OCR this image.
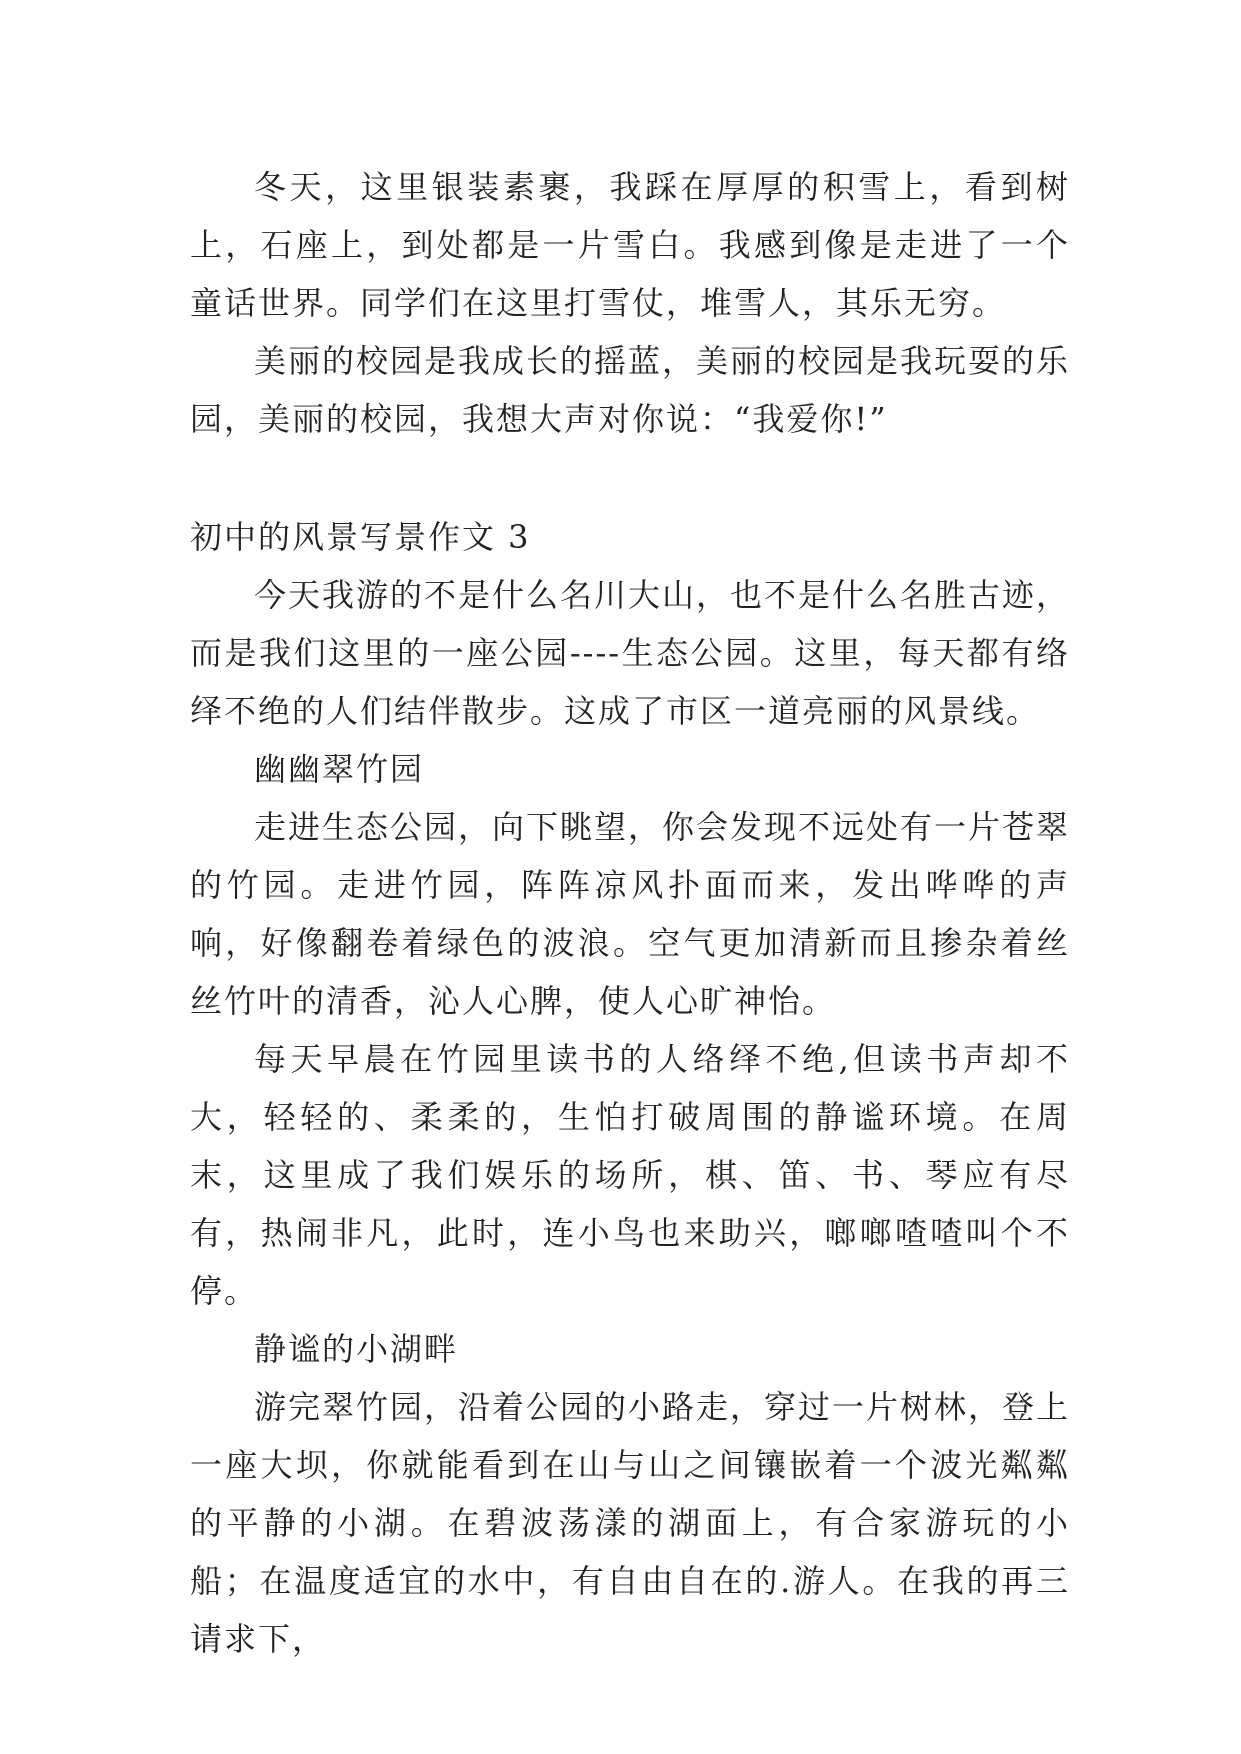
冬天，这里银装素裹，我踩在厚厚的积雪上，看到树上，石座上，到处都是一片雪白。我感到像是走进了一个童话世界。同学们在这里打雪仗，堆雪人，其乐无穷。

美丽的校园是我成长的摇蓝，美丽的校园是我玩耍的乐园，美丽的校园，我想大声对你说：“我爱你!”

初中的风景写景作文 3

今天我游的不是什么名川大山，也不是什么名胜古迹，而是我们这里的一座公园----生态公园。这里，每天都有络绎不绝的人们结伴散步。这成了市区一道亮丽的风景线。

幽幽翠竹园

走进生态公园，向下眺望，你会发现不远处有一片苍翠的竹园。走进竹园，阵阵凉风扑面而来，发出哗哗的声响，好像翻卷着绿色的波浪。空气更加清新而且掺杂着丝丝竹叶的清香，沁人心脾，使人心旷神怡。

每天早晨在竹园里读书的人络绎不绝,但读书声却不大，轻轻的、柔柔的，生怕打破周围的静谧环境。在周末，这里成了我们娱乐的场所，棋、笛、书、琴应有尽有，热闹非凡，此时，连小鸟也来助兴，啷啷喳喳叫个不停。

静谧的小湖畔

游完翠竹园，沿着公园的小路走，穿过一片树林，登上一座大坝，你就能看到在山与山之间镶嵌着一个波光粼粼的平静的小湖。在碧波荡漾的湖面上，有合家游玩的小船；在温度适宜的水中，有自由自在的.游人。在我的再三请求下，
